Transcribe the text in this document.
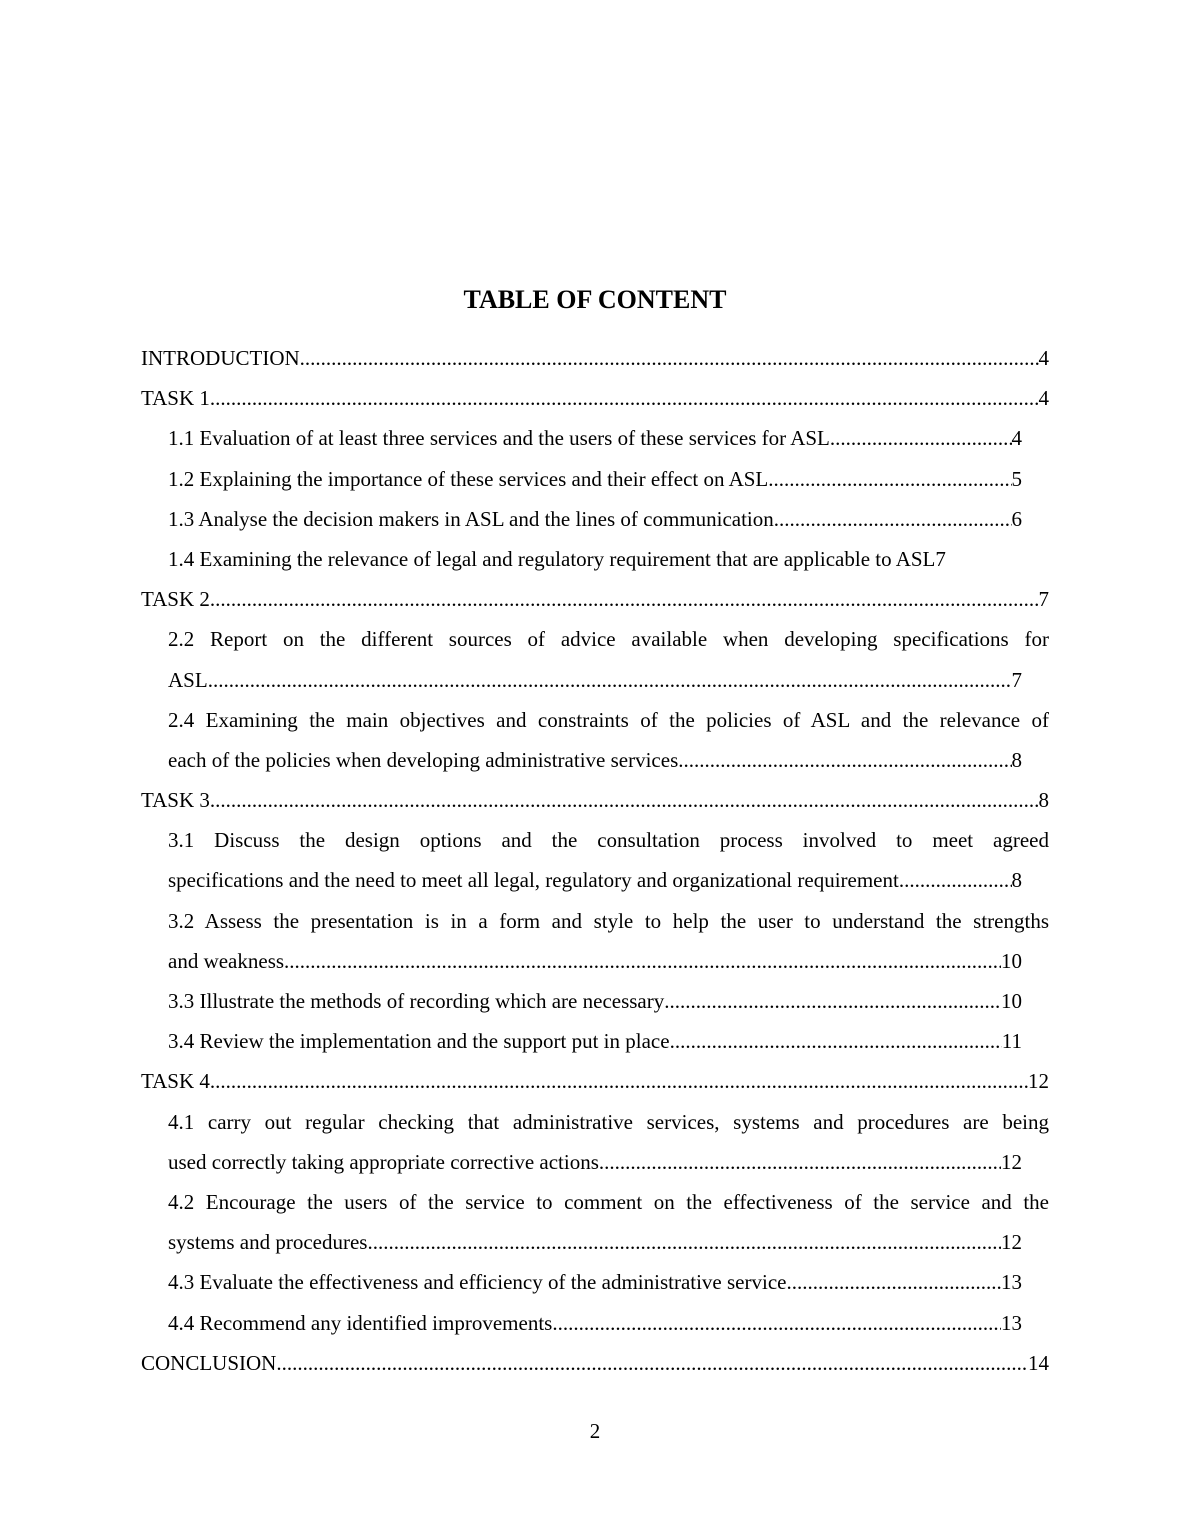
TABLE OF CONTENT
INTRODUCTION .....	4
TASK 1 .....	4
1.1 Evaluation of at least three services and the users of these services for ASL .....	4
1.2 Explaining the importance of these services and their effect on ASL .....	5
1.3 Analyse the decision makers in ASL and the lines of communication .....	6
1.4 Examining the relevance of legal and regulatory requirement that are applicable to ASL 7
TASK 2 .....	7
2.2 Report on the different sources of advice available when developing specifications for
ASL .....	7
2.4 Examining the main objectives and constraints of the policies of ASL and the relevance of
each of the policies when developing administrative services .....	8
TASK 3 .....	8
3.1 Discuss the design options and the consultation process involved to meet agreed
specifications and the need to meet all legal, regulatory and organizational requirement .....	8
3.2 Assess the presentation is in a form and style to help the user to understand the strengths
and weakness .....	10
3.3 Illustrate the methods of recording which are necessary .....	10
3.4 Review the implementation and the support put in place .....	11
TASK 4 .....	12
4.1 carry out regular checking that administrative services, systems and procedures are being
used correctly taking appropriate corrective actions .....	12
4.2 Encourage the users of the service to comment on the effectiveness of the service and the
systems and procedures .....	12
4.3 Evaluate the effectiveness and efficiency of the administrative service .....	13
4.4 Recommend any identified improvements .....	13
CONCLUSION .....	14
2
